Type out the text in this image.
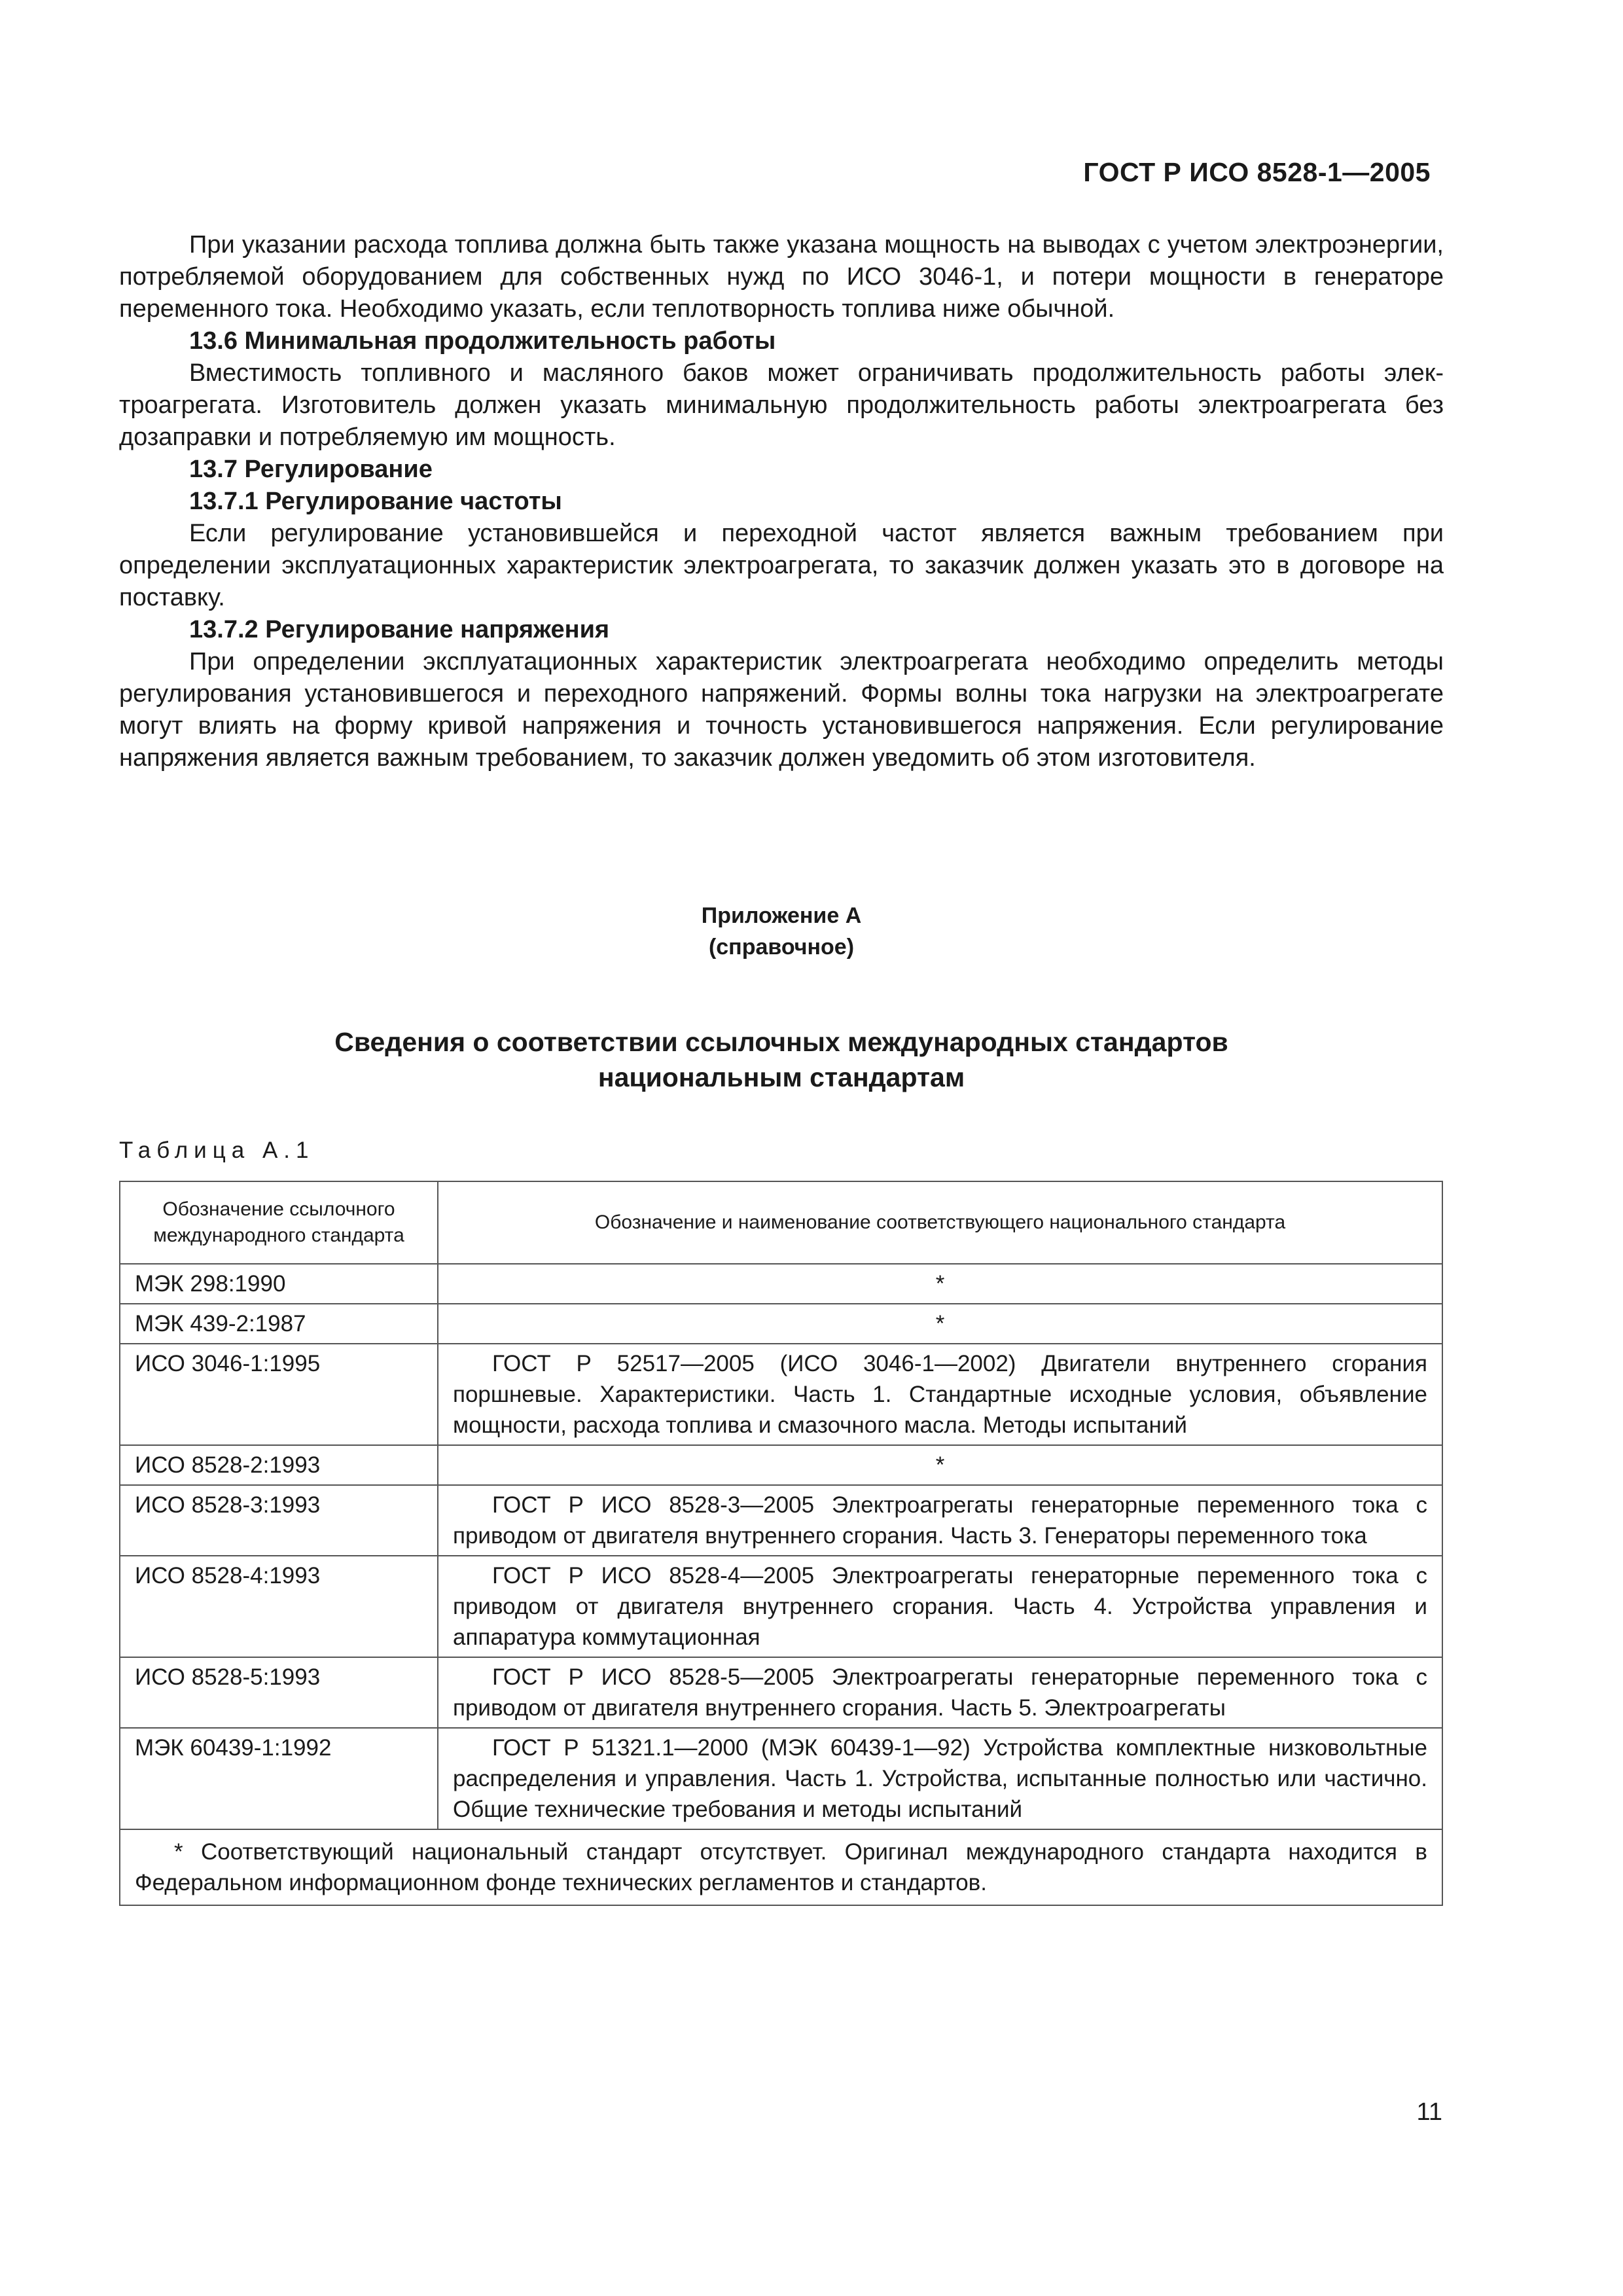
ГОСТ Р ИСО 8528-1—2005

При указании расхода топлива должна быть также указана мощность на выводах с учетом электроэнергии, потребляемой оборудованием для собственных нужд по ИСО 3046-1, и потери мощности в генераторе переменного тока. Необходимо указать, если теплотворность топлива ниже обычной.

13.6 Минимальная продолжительность работы

Вместимость топливного и масляного баков может ограничивать продолжительность работы электроагрегата. Изготовитель должен указать минимальную продолжительность работы электроагрегата без дозаправки и потребляемую им мощность.

13.7 Регулирование
13.7.1 Регулирование частоты

Если регулирование установившейся и переходной частот является важным требованием при определении эксплуатационных характеристик электроагрегата, то заказчик должен указать это в договоре на поставку.

13.7.2 Регулирование напряжения

При определении эксплуатационных характеристик электроагрегата необходимо определить методы регулирования установившегося и переходного напряжений. Формы волны тока нагрузки на электроагрегате могут влиять на форму кривой напряжения и точность установившегося напряжения. Если регулирование напряжения является важным требованием, то заказчик должен уведомить об этом изготовителя.

Приложение А
(справочное)
Сведения о соответствии ссылочных международных стандартов
национальным стандартам
Таблица А.1
Обозначение ссылочного международного стандарта	Обозначение и наименование соответствующего национального стандарта
МЭК 298:1990	*
МЭК 439-2:1987	*
ИСО 3046-1:1995	ГОСТ Р 52517—2005 (ИСО 3046-1—2002) Двигатели внутреннего сгорания поршневые. Характеристики. Часть 1. Стандартные исходные условия, объявление мощности, расхода топлива и смазочного масла. Методы испытаний
ИСО 8528-2:1993	*
ИСО 8528-3:1993	ГОСТ Р ИСО 8528-3—2005 Электроагрегаты генераторные переменного тока с приводом от двигателя внутреннего сгорания. Часть 3. Генераторы переменного тока
ИСО 8528-4:1993	ГОСТ Р ИСО 8528-4—2005 Электроагрегаты генераторные переменного тока с приводом от двигателя внутреннего сгорания. Часть 4. Устройства управления и аппаратура коммутационная
ИСО 8528-5:1993	ГОСТ Р ИСО 8528-5—2005 Электроагрегаты генераторные переменного тока с приводом от двигателя внутреннего сгорания. Часть 5. Электроагрегаты
МЭК 60439-1:1992	ГОСТ Р 51321.1—2000 (МЭК 60439-1—92) Устройства комплектные низковольтные распределения и управления. Часть 1. Устройства, испытанные полностью или частично. Общие технические требования и методы испытаний
* Соответствующий национальный стандарт отсутствует. Оригинал международного стандарта находится в Федеральном информационном фонде технических регламентов и стандартов.	
11
